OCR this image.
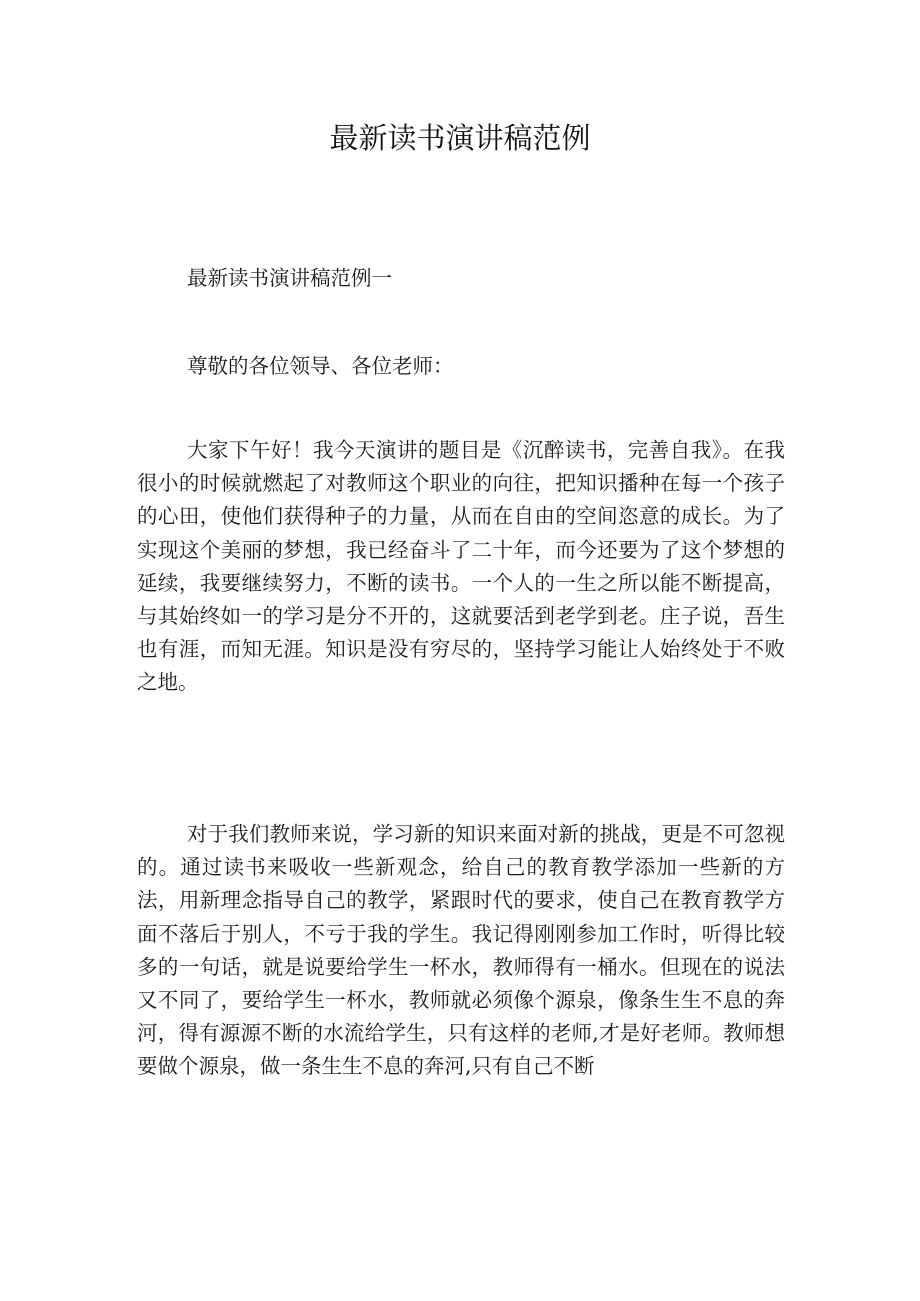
最新读书演讲稿范例

最新读书演讲稿范例一

尊敬的各位领导、各位老师：

大家下午好！我今天演讲的题目是《沉醉读书，完善自我》。在我很小的时候就燃起了对教师这个职业的向往，把知识播种在每一个孩子的心田，使他们获得种子的力量，从而在自由的空间恣意的成长。为了实现这个美丽的梦想，我已经奋斗了二十年，而今还要为了这个梦想的延续，我要继续努力，不断的读书。一个人的一生之所以能不断提高，与其始终如一的学习是分不开的，这就要活到老学到老。庄子说，吾生也有涯，而知无涯。知识是没有穷尽的，坚持学习能让人始终处于不败之地。

对于我们教师来说，学习新的知识来面对新的挑战，更是不可忽视的。通过读书来吸收一些新观念，给自己的教育教学添加一些新的方法，用新理念指导自己的教学，紧跟时代的要求，使自己在教育教学方面不落后于别人，不亏于我的学生。我记得刚刚参加工作时，听得比较多的一句话，就是说要给学生一杯水，教师得有一桶水。但现在的说法又不同了，要给学生一杯水，教师就必须像个源泉，像条生生不息的奔河，得有源源不断的水流给学生，只有这样的老师,才是好老师。教师想要做个源泉，做一条生生不息的奔河,只有自己不断
